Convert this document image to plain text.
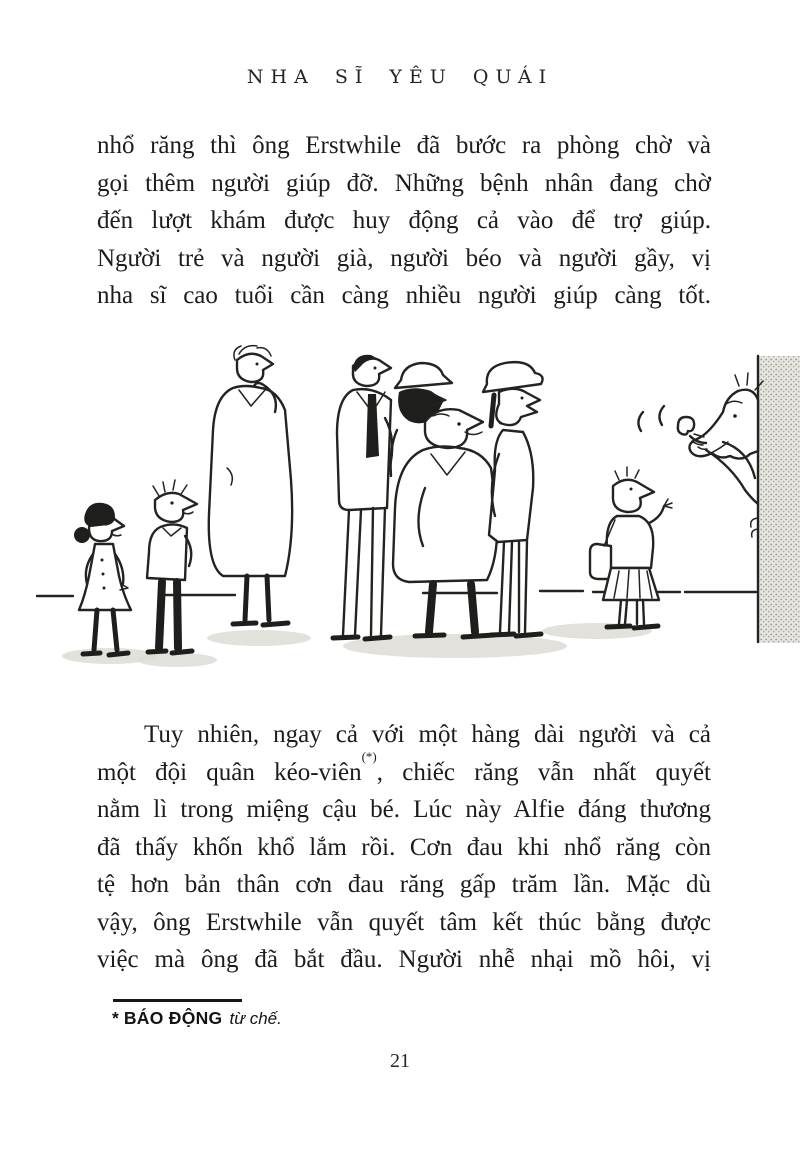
NHA SĨ YÊU QUÁI
nhổ răng thì ông Erstwhile đã bước ra phòng chờ và
gọi thêm người giúp đỡ. Những bệnh nhân đang chờ
đến lượt khám được huy động cả vào để trợ giúp.
Người trẻ và người già, người béo và người gầy, vị
nha sĩ cao tuổi cần càng nhiều người giúp càng tốt.
Tuy nhiên, ngay cả với một hàng dài người và cả
một đội quân kéo-viên(*), chiếc răng vẫn nhất quyết
nằm lì trong miệng cậu bé. Lúc này Alfie đáng thương
đã thấy khốn khổ lắm rồi. Cơn đau khi nhổ răng còn
tệ hơn bản thân cơn đau răng gấp trăm lần. Mặc dù
vậy, ông Erstwhile vẫn quyết tâm kết thúc bằng được
việc mà ông đã bắt đầu. Người nhễ nhại mồ hôi, vị
* BÁO ĐỘNG từ chế.
21
